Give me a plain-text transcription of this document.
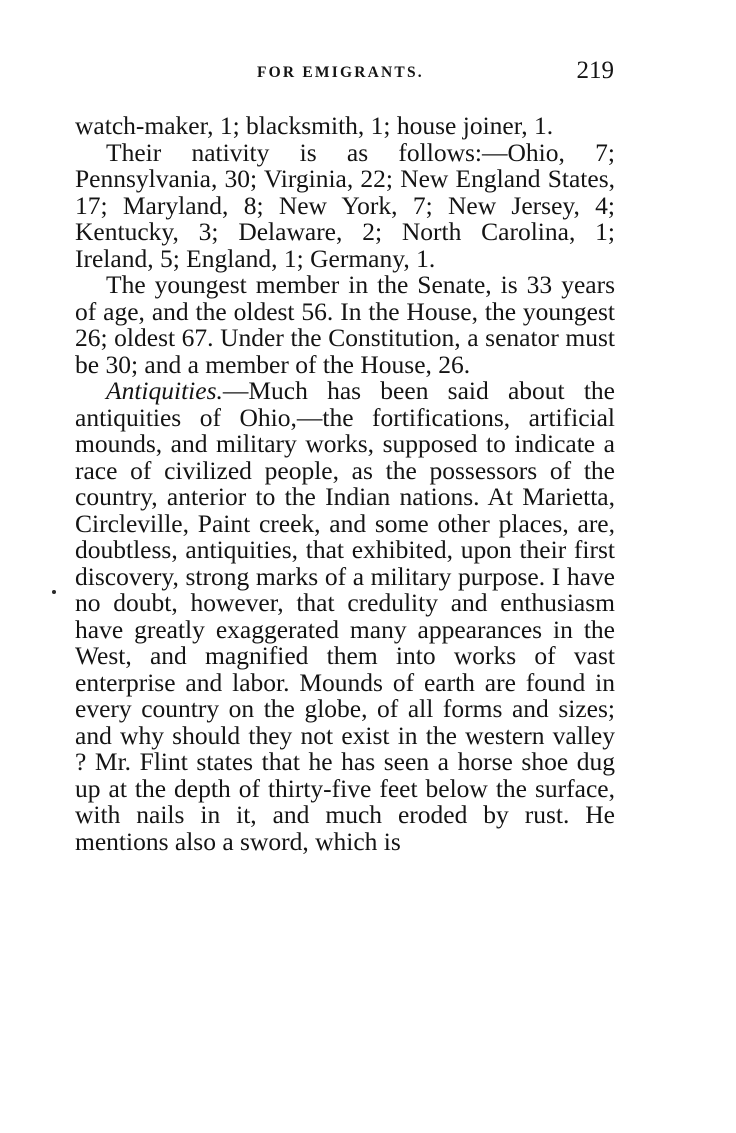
FOR EMIGRANTS.	219

watch-maker, 1; blacksmith, 1; house joiner, 1.

Their nativity is as follows:—Ohio, 7; Pennsylvania, 30; Virginia, 22; New England States, 17; Maryland, 8; New York, 7; New Jersey, 4; Kentucky, 3; Delaware, 2; North Carolina, 1; Ireland, 5; England, 1; Germany, 1.

The youngest member in the Senate, is 33 years of age, and the oldest 56. In the House, the youngest 26; oldest 67. Under the Constitution, a senator must be 30; and a member of the House, 26.

Antiquities.—Much has been said about the antiquities of Ohio,—the fortifications, artificial mounds, and military works, supposed to indicate a race of civilized people, as the possessors of the country, anterior to the Indian nations. At Marietta, Circleville, Paint creek, and some other places, are, doubtless, antiquities, that exhibited, upon their first discovery, strong marks of a military purpose. I have no doubt, however, that credulity and enthusiasm have greatly exaggerated many appearances in the West, and magnified them into works of vast enterprise and labor. Mounds of earth are found in every country on the globe, of all forms and sizes; and why should they not exist in the western valley ? Mr. Flint states that he has seen a horse shoe dug up at the depth of thirty-five feet below the surface, with nails in it, and much eroded by rust. He mentions also a sword, which is
